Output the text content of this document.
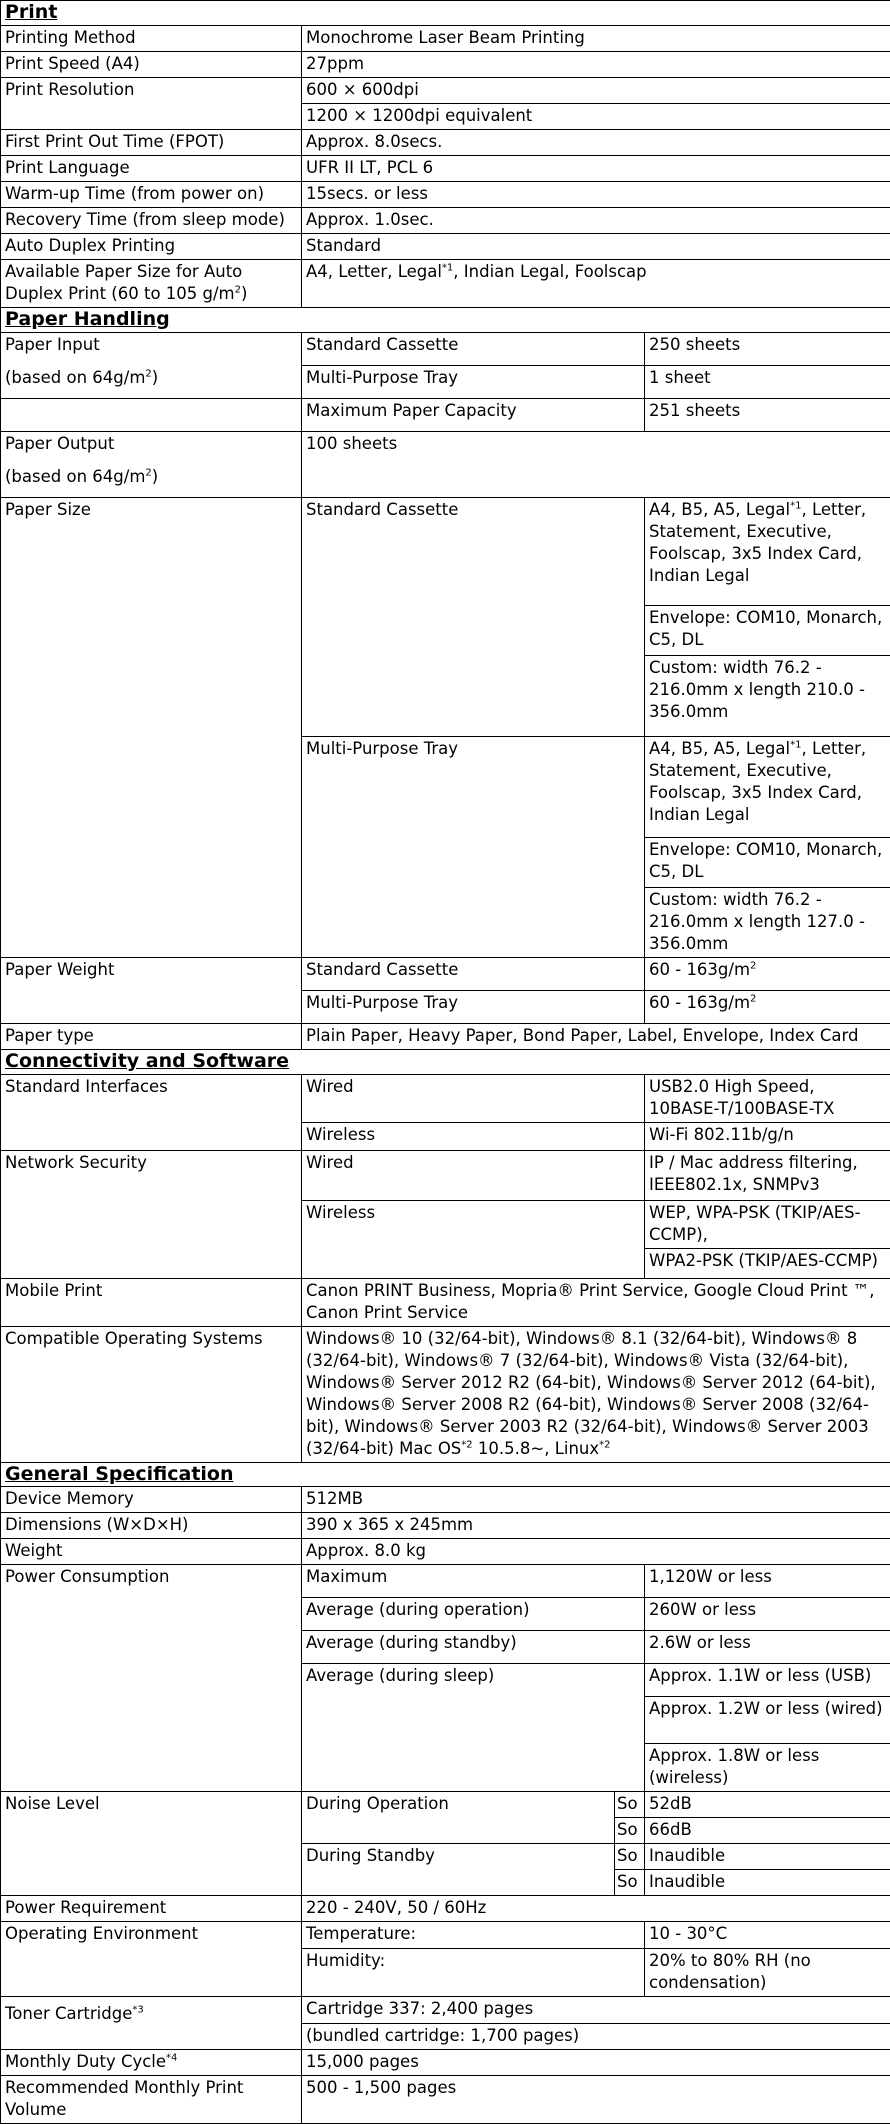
Print			
Printing Method	Monochrome Laser Beam Printing		
Print Speed (A4)	27ppm		
Print Resolution	600 × 600dpi		
	1200 × 1200dpi equivalent		
First Print Out Time (FPOT)	Approx. 8.0secs.		
Print Language	UFR II LT, PCL 6		
Warm-up Time (from power on)	15secs. or less		
Recovery Time (from sleep mode)	Approx. 1.0sec.		
Auto Duplex Printing	Standard		
Available Paper Size for Auto
Duplex Print (60 to 105 $g/m^2$)	A4, Letter, Legal$^{*1}$, Indian Legal, Foolscap		
Paper Handling			
Paper Input	Standard Cassette		250 sheets
(based on $64g/m^2$)	Multi-Purpose Tray		1 sheet
	Maximum Paper Capacity		251 sheets
Paper Output	100 sheets		
(based on $64g/m^2$)			
Paper Size	Standard Cassette		A4, B5, A5, Legal$^{*1}$, Letter, Statement, Executive, Foolscap, 3x5 Index Card, Indian Legal
			Envelope: COM10, Monarch, C5, DL
			Custom: width 76.2 - 216.0mm x length 210.0 - 356.0mm
	Multi-Purpose Tray		A4, B5, A5, Legal$^{*1}$, Letter, Statement, Executive, Foolscap, 3x5 Index Card, Indian Legal
			Envelope: COM10, Monarch, C5, DL
			Custom: width 76.2 - 216.0mm x length 127.0 - 356.0mm
Paper Weight	Standard Cassette		$60 - 163g/m^2$
	Multi-Purpose Tray		$60 - 163g/m^2$
Paper type	Plain Paper, Heavy Paper, Bond Paper, Label, Envelope, Index Card		
Connectivity and Software			
Standard Interfaces	Wired		USB2.0 High Speed, 10BASE-T/100BASE-TX
	Wireless		Wi-Fi 802.11b/g/n
Network Security	Wired		IP / Mac address filtering, IEEE802.1x, SNMPv3
	Wireless		WEP, WPA-PSK (TKIP/AES-CCMP),
			WPA2-PSK (TKIP/AES-CCMP)
Mobile Print	Canon PRINT Business, Mopria® Print Service, Google Cloud Print ™, Canon Print Service		
Compatible Operating Systems	Windows® 10 (32/64-bit), Windows® 8.1 (32/64-bit), Windows® 8 (32/64-bit), Windows® 7 (32/64-bit), Windows® Vista (32/64-bit), Windows® Server 2012 R2 (64-bit), Windows® Server 2012 (64-bit), Windows® Server 2008 R2 (64-bit), Windows® Server 2008 (32/64-bit), Windows® Server 2003 R2 (32/64-bit), Windows® Server 2003 (32/64-bit) Mac OS$^{*2}$ 10.5.8~, Linux$^{*2}$
General Specification			
Device Memory	512MB		
Dimensions (W×D×H)	390 x 365 x 245mm		
Weight	Approx. 8.0 kg		
Power Consumption	Maximum		1,120W or less
	Average (during operation)		260W or less
	Average (during standby)		2.6W or less
	Average (during sleep)		Approx. 1.1W or less (USB)
			Approx. 1.2W or less (wired)
			Approx. 1.8W or less (wireless)
Noise Level	During Operation	So	52dB
		So	66dB
	During Standby	So	Inaudible
		So	Inaudible
Power Requirement	220 - 240V, 50 / 60Hz		
Operating Environment	Temperature:		10 - 30°C
	Humidity:		20% to 80% RH (no condensation)
Toner Cartridge$^{*3}$	Cartridge 337: 2,400 pages		
	(bundled cartridge: 1,700 pages)		
Monthly Duty Cycle$^{*4}$	15,000 pages		
Recommended Monthly Print Volume	500 - 1,500 pages		
